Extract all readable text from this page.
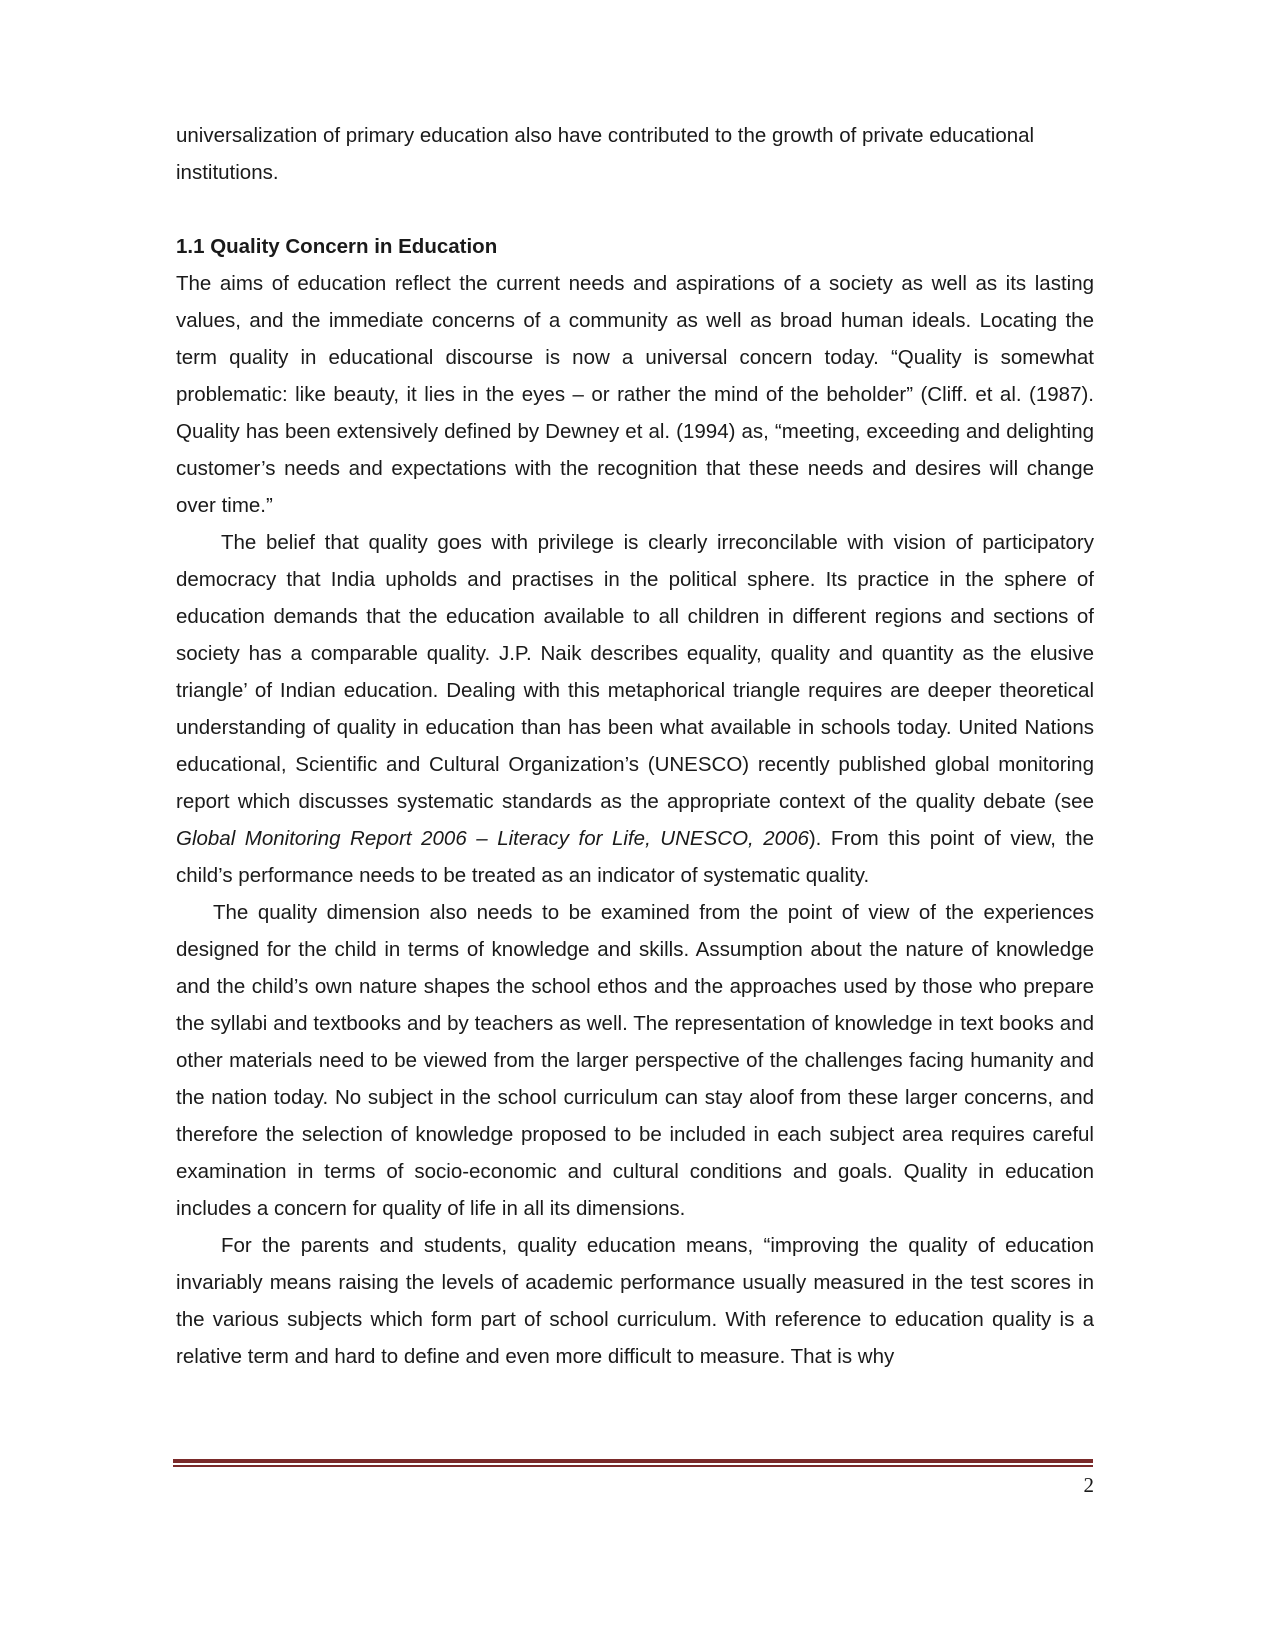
universalization of primary education also have contributed to the growth of private educational institutions.

1.1 Quality Concern in Education

The aims of education reflect the current needs and aspirations of a society as well as its lasting values, and the immediate concerns of a community as well as broad human ideals. Locating the term quality in educational discourse is now a universal concern today. “Quality is somewhat problematic: like beauty, it lies in the eyes – or rather the mind of the beholder” (Cliff. et al. (1987). Quality has been extensively defined by Dewney et al. (1994) as, “meeting, exceeding and delighting customer’s needs and expectations with the recognition that these needs and desires will change over time.”

The belief that quality goes with privilege is clearly irreconcilable with vision of participatory democracy that India upholds and practises in the political sphere. Its practice in the sphere of education demands that the education available to all children in different regions and sections of society has a comparable quality. J.P. Naik describes equality, quality and quantity as the elusive triangle’ of Indian education. Dealing with this metaphorical triangle requires are deeper theoretical understanding of quality in education than has been what available in schools today. United Nations educational, Scientific and Cultural Organization’s (UNESCO) recently published global monitoring report which discusses systematic standards as the appropriate context of the quality debate (see Global Monitoring Report 2006 – Literacy for Life, UNESCO, 2006). From this point of view, the child’s performance needs to be treated as an indicator of systematic quality.

The quality dimension also needs to be examined from the point of view of the experiences designed for the child in terms of knowledge and skills. Assumption about the nature of knowledge and the child’s own nature shapes the school ethos and the approaches used by those who prepare the syllabi and textbooks and by teachers as well. The representation of knowledge in text books and other materials need to be viewed from the larger perspective of the challenges facing humanity and the nation today. No subject in the school curriculum can stay aloof from these larger concerns, and therefore the selection of knowledge proposed to be included in each subject area requires careful examination in terms of socio-economic and cultural conditions and goals. Quality in education includes a concern for quality of life in all its dimensions.

For the parents and students, quality education means, “improving the quality of education invariably means raising the levels of academic performance usually measured in the test scores in the various subjects which form part of school curriculum. With reference to education quality is a relative term and hard to define and even more difficult to measure. That is why

2
